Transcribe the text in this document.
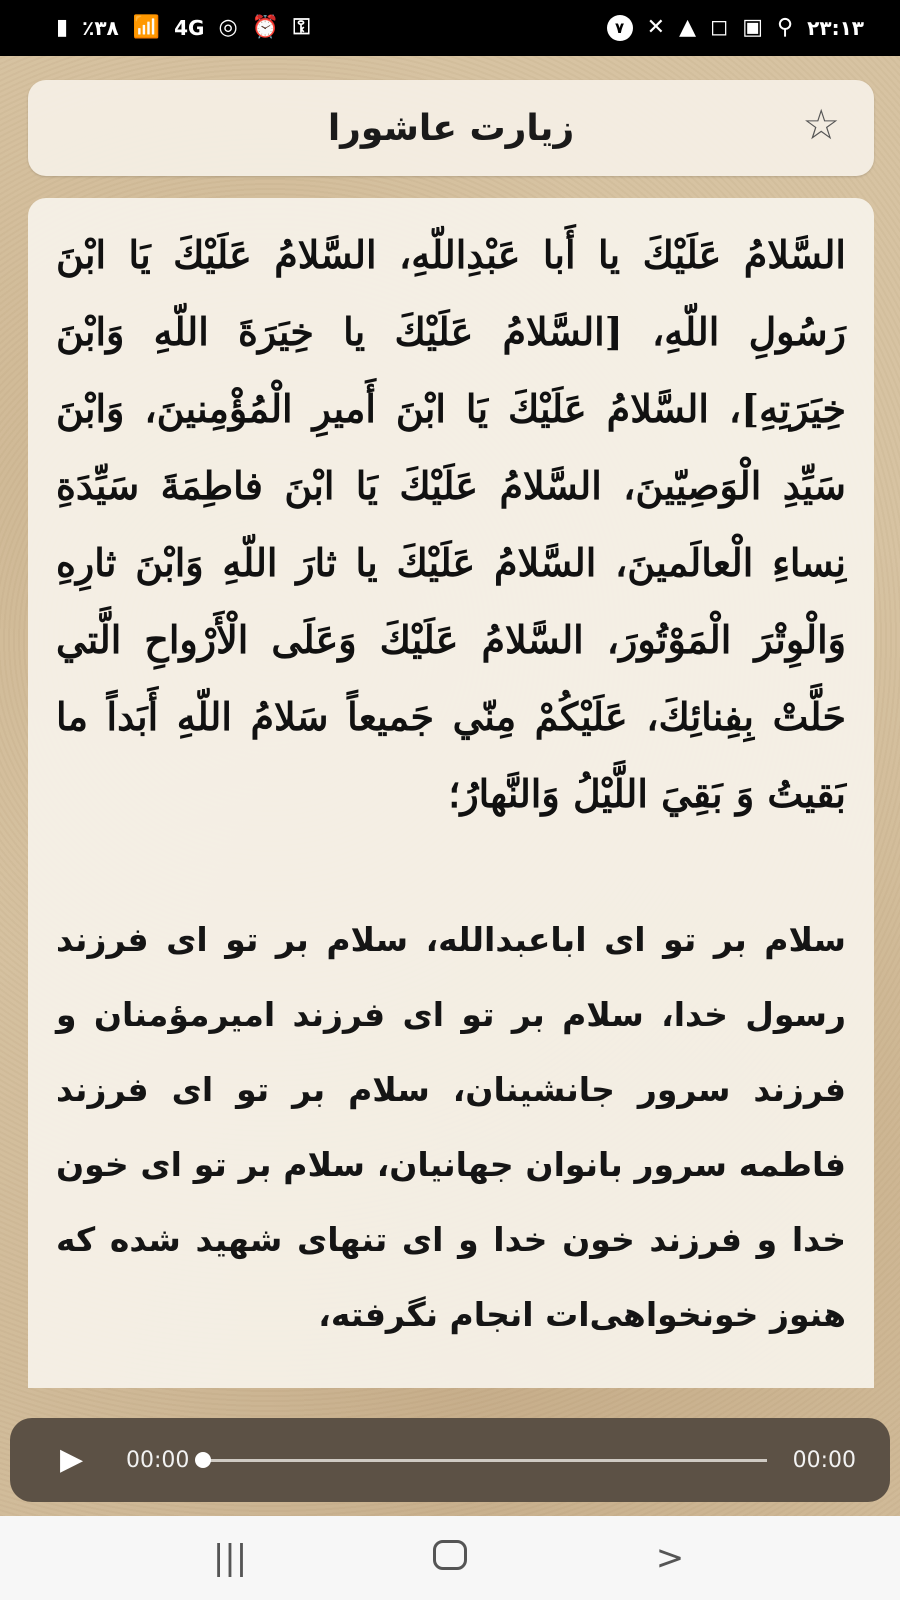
▮ ٪۳۸ 📶 4G ◎ ⏰ ⚿	۷	✕ ▲ ◻ ▣ ⚲ ۲۳:۱۳
زیارت عاشورا	☆

السَّلامُ عَلَيْكَ يا أَبا عَبْدِاللّهِ، السَّلامُ عَلَيْكَ يَا ابْنَ رَسُولِ اللّهِ، [السَّلامُ عَلَيْكَ يا خِيَرَةَ اللّهِ وَابْنَ خِيَرَتِهِ]، السَّلامُ عَلَيْكَ يَا ابْنَ أَميرِ الْمُؤْمِنينَ، وَابْنَ سَيِّدِ الْوَصِيّينَ، السَّلامُ عَلَيْكَ يَا ابْنَ فاطِمَةَ سَيِّدَةِ نِساءِ الْعالَمينَ، السَّلامُ عَلَيْكَ يا ثارَ اللّهِ وَابْنَ ثارِهِ وَالْوِتْرَ الْمَوْتُورَ، السَّلامُ عَلَيْكَ وَعَلَى الْأَرْواحِ الَّتي حَلَّتْ بِفِنائِكَ، عَلَيْكُمْ مِنّي جَميعاً سَلامُ اللّهِ أَبَداً ما بَقيتُ وَ بَقِيَ اللَّيْلُ وَالنَّهارُ؛

سلام بر تو ای اباعبدالله، سلام بر تو ای فرزند رسول خدا، سلام بر تو ای فرزند امیرمؤمنان و فرزند سرور جانشینان، سلام بر تو ای فرزند فاطمه سرور بانوان جهانیان، سلام بر تو ای خون خدا و فرزند خون خدا و ای تنهای شهید شده که هنوز خونخواهی‌ات انجام نگرفته،

▶	00:00	00:00
|||	>
